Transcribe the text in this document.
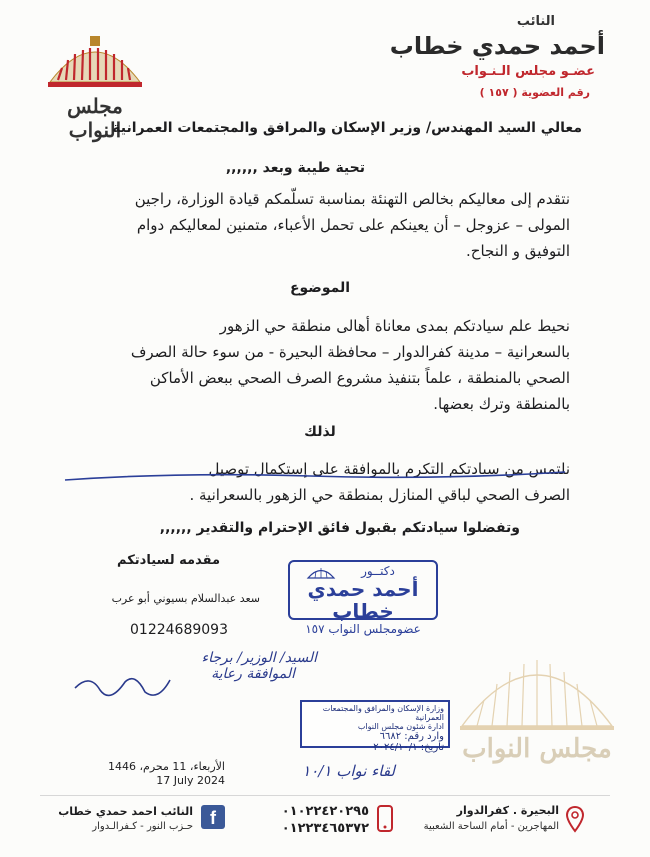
مجلس النواب
النائب
أحمد حمدي خطاب
عضـو مجلس الـنـواب
رقم العضوية ( ١٥٧ )
معالي السيد المهندس/ وزير الإسكان والمرافق والمجتمعات العمرانية
تحية طيبة وبعد ,,,,,,
نتقدم إلى معاليكم بخالص التهنئة بمناسبة تسلّمكم قيادة الوزارة، راجين
المولى – عزوجل – أن يعينكم على تحمل الأعباء، متمنين لمعاليكم دوام
التوفيق و النجاح.
الموضوع
نحيط علم سيادتكم بمدى معاناة أهالى منطقة حي الزهور
بالسعرانية – مدينة كفرالدوار – محافظة البحيرة - من سوء حالة الصرف
الصحي بالمنطقة ، علماً بتنفيذ مشروع الصرف الصحي ببعض الأماكن
بالمنطقة وترك بعضها.
لذلك
نلتمس من سيادتكم التكرم بالموافقة على إستكمال توصيل
الصرف الصحي لباقي المنازل بمنطقة حي الزهور بالسعرانية .
وتفضلوا سيادتكم بقبول فائق الإحترام والتقدير ,,,,,,
مقدمه لسيادتكم
سعد عبدالسلام بسيوني أبو عرب
01224689093
دكتــور
أحمد حمدي خطاب
عضومجلس النواب ١٥٧
السيد/ الوزير/ برجاء
الموافقة رعاية
لقاء نواب ١٠/١
وزارة الإسكان والمرافق والمجتمعات العمرانية
ادارة شئون مجلس النواب
وارد رقم: ٦٦٨٢
تاريخ: ٢٠٢٤/١٠/١ مجلس النواب
الأربعاء، 11 محرم، 1446
17 July 2024
f
النائب احمد حمدي خطاب
حـزب النور - كـفرالـدوار
٠١٠٢٢٤٢٠٢٩٥
٠١٢٢٣٤٦٥٣٧٢
البحيرة . كفرالدوار
المهاجرين - أمام الساحة الشعبية
